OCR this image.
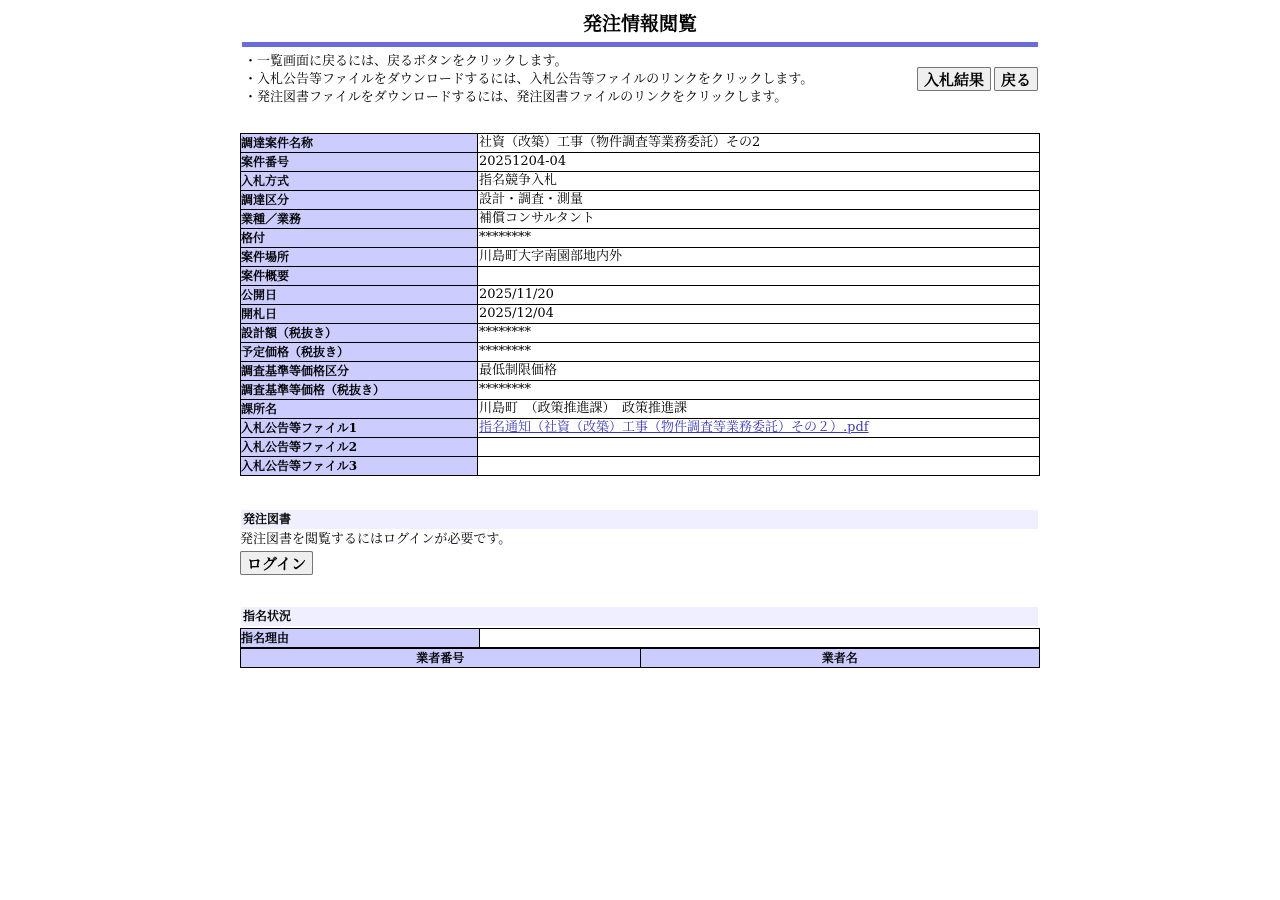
発注情報閲覧
・一覧画面に戻るには、戻るボタンをクリックします。
・入札公告等ファイルをダウンロードするには、入札公告等ファイルのリンクをクリックします。
・発注図書ファイルをダウンロードするには、発注図書ファイルのリンクをクリックします。
入札結果	戻る
調達案件名称	社資（改築）工事（物件調査等業務委託）その2
案件番号	20251204-04
入札方式	指名競争入札
調達区分	設計・調査・測量
業種／業務	補償コンサルタント
格付	********
案件場所	川島町大字南園部地内外
案件概要	
公開日	2025/11/20
開札日	2025/12/04
設計額（税抜き）	********
予定価格（税抜き）	********
調査基準等価格区分	最低制限価格
調査基準等価格（税抜き）	********
課所名	川島町　（政策推進課）　政策推進課
入札公告等ファイル1	指名通知（社資（改築）工事（物件調査等業務委託）その２）.pdf
入札公告等ファイル2	
入札公告等ファイル3	
発注図書
発注図書を閲覧するにはログインが必要です。
ログイン
指名状況
指名理由	
業者番号	業者名
